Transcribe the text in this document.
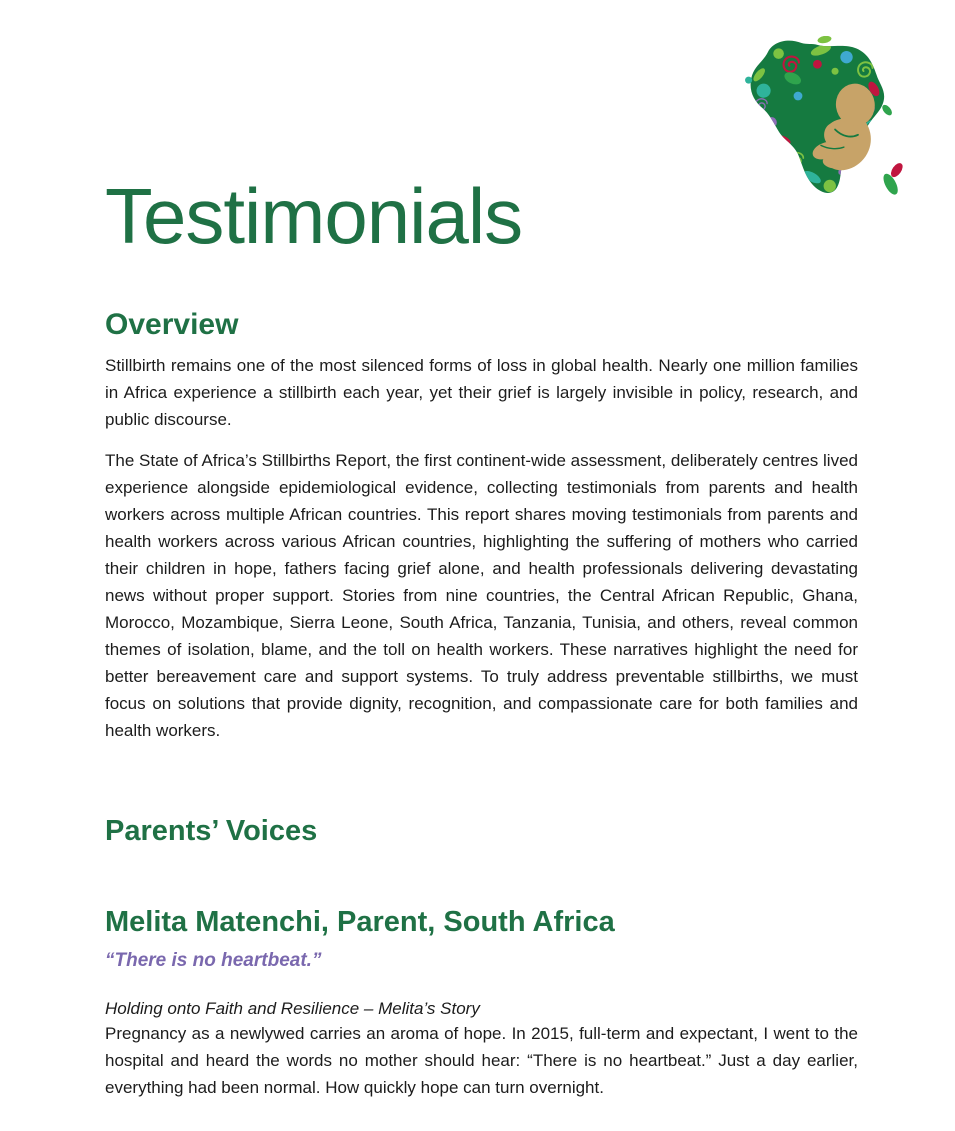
Testimonials
Overview

Stillbirth remains one of the most silenced forms of loss in global health. Nearly one million families in Africa experience a stillbirth each year, yet their grief is largely invisible in policy, research, and public discourse.

The State of Africa’s Stillbirths Report, the first continent-wide assessment, deliberately centres lived experience alongside epidemiological evidence, collecting testimonials from parents and health workers across multiple African countries. This report shares moving testimonials from parents and health workers across various African countries, highlighting the suffering of mothers who carried their children in hope, fathers facing grief alone, and health professionals delivering devastating news without proper support. Stories from nine countries, the Central African Republic, Ghana, Morocco, Mozambique, Sierra Leone, South Africa, Tanzania, Tunisia, and others, reveal common themes of isolation, blame, and the toll on health workers. These narratives highlight the need for better bereavement care and support systems. To truly address preventable stillbirths, we must focus on solutions that provide dignity, recognition, and compassionate care for both families and health workers.

Parents’ Voices
Melita Matenchi, Parent, South Africa

“There is no heartbeat.”

Holding onto Faith and Resilience – Melita’s Story

Pregnancy as a newlywed carries an aroma of hope. In 2015, full-term and expectant, I went to the hospital and heard the words no mother should hear: “There is no heartbeat.” Just a day earlier, everything had been normal. How quickly hope can turn overnight.
